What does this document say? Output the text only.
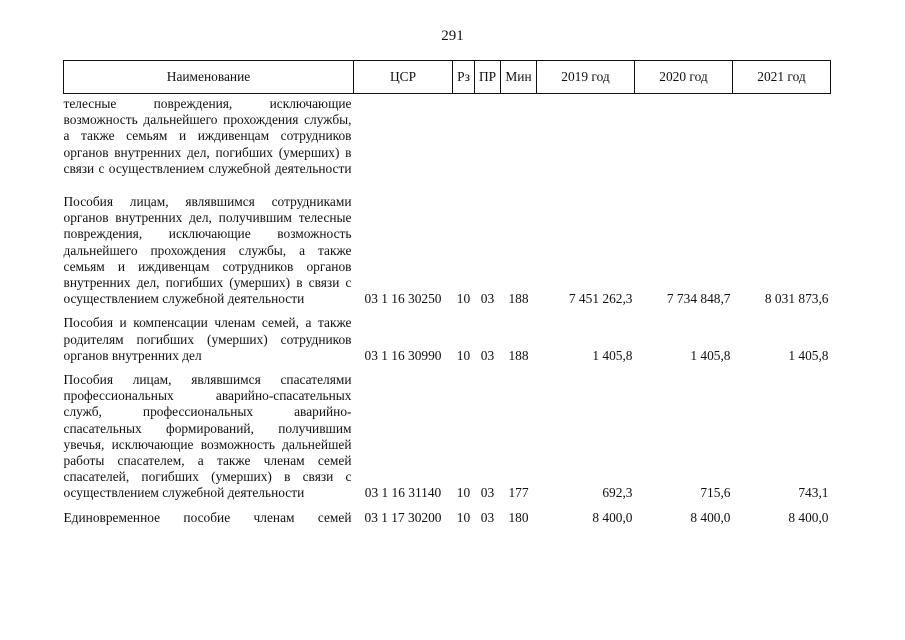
291
Наименование	ЦСР	Рз	ПР	Мин	2019 год	2020 год	2021 год
телесные повреждения, исключающие возможность дальнейшего прохождения службы, а также семьям и иждивенцам сотрудников органов внутренних дел, погибших (умерших) в связи с осуществлением служебной деятельности							
Пособия лицам, являвшимся сотрудниками органов внутренних дел, получившим телесные повреждения, исключающие возможность дальнейшего прохождения службы, а также семьям и иждивенцам сотрудников органов внутренних дел, погибших (умерших) в связи с осуществлением служебной деятельности	03 1 16 30250	10	03	188	7 451 262,3	7 734 848,7	8 031 873,6
Пособия и компенсации членам семей, а также родителям погибших (умерших) сотрудников органов внутренних дел	03 1 16 30990	10	03	188	1 405,8	1 405,8	1 405,8
Пособия лицам, являвшимся спасателями профессиональных аварийно-спасательных служб, профессиональных аварийно-спасательных формирований, получившим увечья, исключающие возможность дальнейшей работы спасателем, а также членам семей спасателей, погибших (умерших) в связи с осуществлением служебной деятельности	03 1 16 31140	10	03	177	692,3	715,6	743,1
Единовременное пособие членам семей	03 1 17 30200	10	03	180	8 400,0	8 400,0	8 400,0
